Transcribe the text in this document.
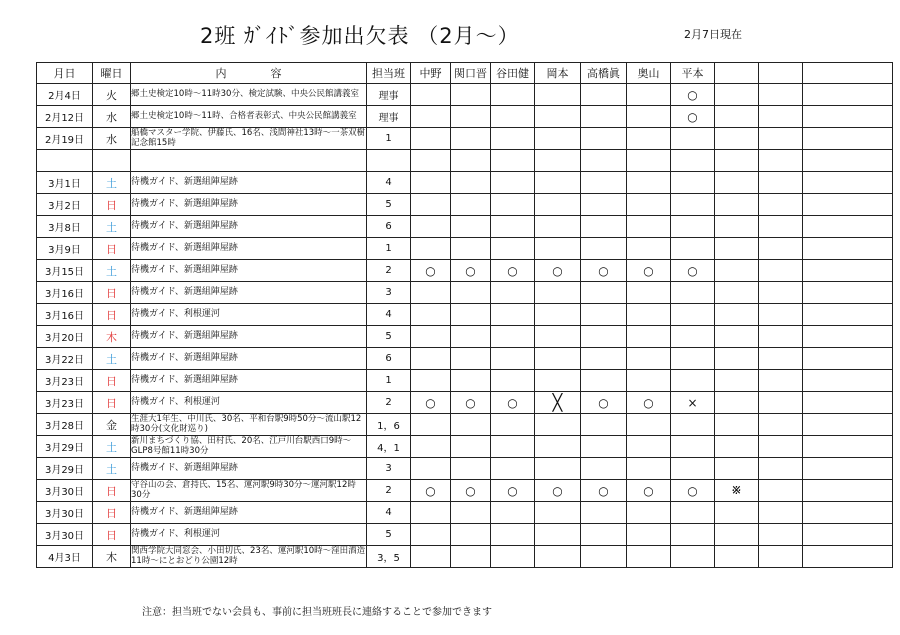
2班 ｶﾞｲﾄﾞ参加出欠表 （2月～）	2月7日現在
月日	曜日	内　　　　容	担当班	中野	関口晋	谷田健	岡本	高橋眞	奥山	平本			
2月4日	火	郷土史検定10時～11時30分、検定試験、中央公民館講義室	理事							○			
2月12日	水	郷土史検定10時～11時、合格者表彰式、中央公民館講義室	理事							○			
2月19日	水	船橋マスター学院、伊藤氏、16名、浅間神社13時～一茶双樹記念館15時	1										

3月1日	土	待機ガイド、新選組陣屋跡	4										
3月2日	日	待機ガイド、新選組陣屋跡	5										
3月8日	土	待機ガイド、新選組陣屋跡	6										
3月9日	日	待機ガイド、新選組陣屋跡	1										
3月15日	土	待機ガイド、新選組陣屋跡	2	○	○	○	○	○	○	○			
3月16日	日	待機ガイド、新選組陣屋跡	3										
3月16日	日	待機ガイド、利根運河	4										
3月20日	木	待機ガイド、新選組陣屋跡	5										
3月22日	土	待機ガイド、新選組陣屋跡	6										
3月23日	日	待機ガイド、新選組陣屋跡	1										
3月23日	日	待機ガイド、利根運河	2	○	○	○	╳	○	○	×			
3月28日	金	生涯大1年生、中川氏、30名、平和台駅9時50分～流山駅12時30分(文化財巡り)	1，6										
3月29日	土	新川まちづくり協、田村氏、20名、江戸川台駅西口9時～GLP8号館11時30分	4，1										
3月29日	土	待機ガイド、新選組陣屋跡	3										
3月30日	日	守谷山の会、倉持氏、15名、運河駅9時30分～運河駅12時30分	2	○	○	○	○	○	○	○	※		
3月30日	日	待機ガイド、新選組陣屋跡	4										
3月30日	日	待機ガイド、利根運河	5										
4月3日	木	関西学院大同窓会、小田切氏、23名、運河駅10時～窪田酒造11時～にとおどり公園12時	3，5										
注意：担当班でない会員も、事前に担当班班長に連絡することで参加できます
